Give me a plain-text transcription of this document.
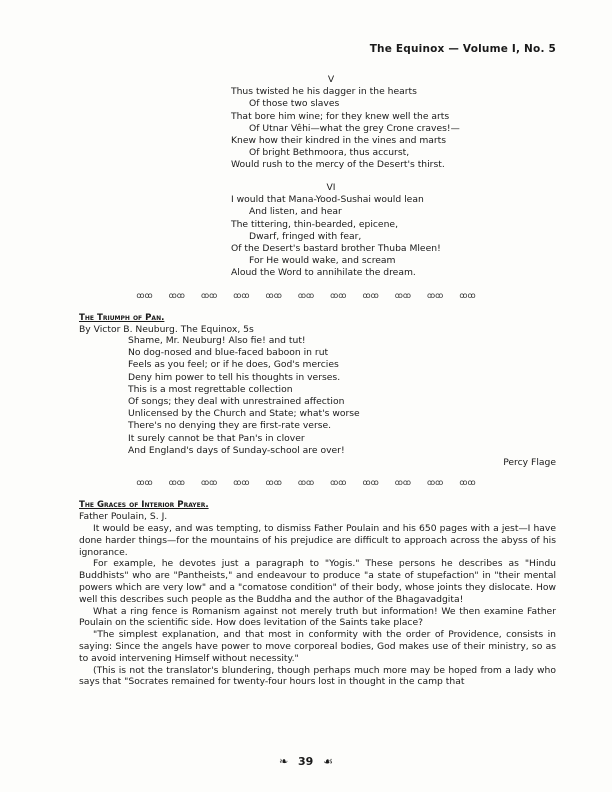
The Equinox — Volume I, No. 5
V
Thus twisted he his dagger in the hearts
Of those two slaves
That bore him wine; for they knew well the arts
Of Utnar Vêhi—what the grey Crone craves!—
Knew how their kindred in the vines and marts
Of bright Bethmoora, thus accurst,
Would rush to the mercy of the Desert's thirst.
VI
I would that Mana-Yood-Sushai would lean
And listen, and hear
The tittering, thin-bearded, epicene,
Dwarf, fringed with fear,
Of the Desert's bastard brother Thuba Mleen!
For He would wake, and scream
Aloud the Word to annihilate the dream.
ꝏꝏ ꝏꝏ ꝏꝏ ꝏꝏ ꝏꝏ ꝏꝏ ꝏꝏ ꝏꝏ ꝏꝏ ꝏꝏ ꝏꝏ
The Triumph of Pan.
By Victor B. Neuburg. The Equinox, 5s
Shame, Mr. Neuburg! Also fie! and tut!
No dog-nosed and blue-faced baboon in rut
Feels as you feel; or if he does, God's mercies
Deny him power to tell his thoughts in verses.
This is a most regrettable collection
Of songs; they deal with unrestrained affection
Unlicensed by the Church and State; what's worse
There's no denying they are first-rate verse.
It surely cannot be that Pan's in clover
And England's days of Sunday-school are over!
Percy Flage
ꝏꝏ ꝏꝏ ꝏꝏ ꝏꝏ ꝏꝏ ꝏꝏ ꝏꝏ ꝏꝏ ꝏꝏ ꝏꝏ ꝏꝏ
The Graces of Interior Prayer.
Father Poulain, S. J.

It would be easy, and was tempting, to dismiss Father Poulain and his 650 pages with a jest—I have done harder things—for the mountains of his prejudice are difficult to approach across the abyss of his ignorance.

For example, he devotes just a paragraph to "Yogis." These persons he describes as "Hindu Buddhists" who are "Pantheists," and endeavour to produce "a state of stupefaction" in "their mental powers which are very low" and a "comatose condition" of their body, whose joints they dislocate. How well this describes such people as the Buddha and the author of the Bhagavadgita!

What a ring fence is Romanism against not merely truth but information! We then examine Father Poulain on the scientific side. How does levitation of the Saints take place?

"The simplest explanation, and that most in conformity with the order of Providence, consists in saying: Since the angels have power to move corporeal bodies, God makes use of their ministry, so as to avoid intervening Himself without necessity."

(This is not the translator's blundering, though perhaps much more may be hoped from a lady who says that "Socrates remained for twenty-four hours lost in thought in the camp that

❧ 39 ☙
